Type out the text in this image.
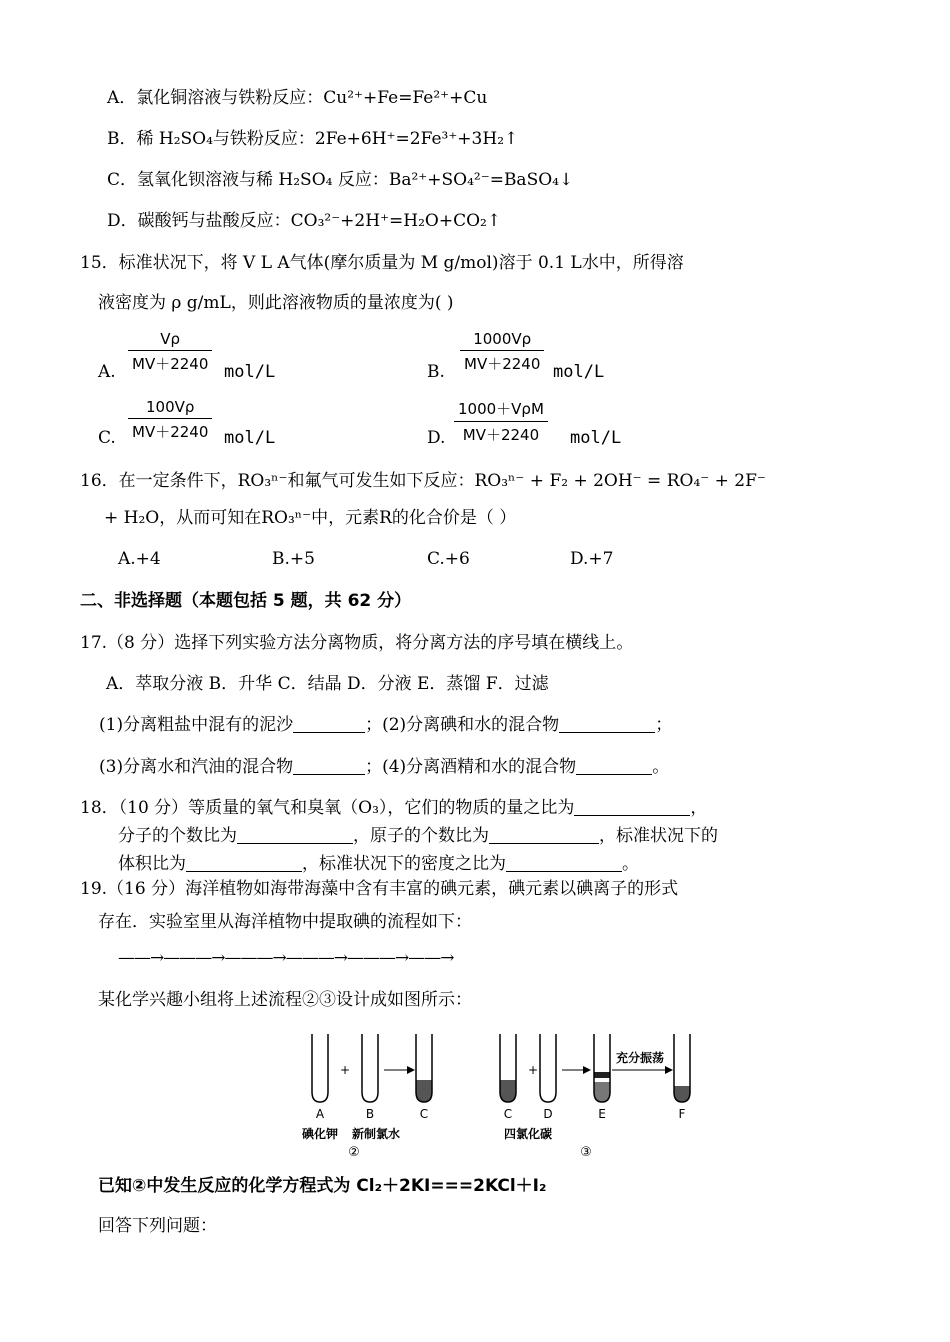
A．氯化铜溶液与铁粉反应：Cu²⁺+Fe=Fe²⁺+Cu
B．稀 H₂SO₄与铁粉反应：2Fe+6H⁺=2Fe³⁺+3H₂↑
C．氢氧化钡溶液与稀 H₂SO₄ 反应：Ba²⁺+SO₄²⁻=BaSO₄↓
D．碳酸钙与盐酸反应：CO₃²⁻+2H⁺=H₂O+CO₂↑
15．标准状况下，将 V L A气体(摩尔质量为 M g/mol)溶于 0.1 L水中，所得溶
液密度为 ρ g/mL，则此溶液物质的量浓度为( )
A.
Vρ
MV＋2240 mol/L	B.
1000Vρ
MV＋2240 mol/L
C.
100Vρ
MV＋2240 mol/L	D.
1000＋VρM
MV＋2240	mol/L
16．在一定条件下，RO₃ⁿ⁻和氟气可发生如下反应：RO₃ⁿ⁻ + F₂ + 2OH⁻ = RO₄⁻ + 2F⁻
+ H₂O，从而可知在RO₃ⁿ⁻中，元素R的化合价是（ ）
A.+4	B.+5	C.+6	D.+7
二、非选择题（本题包括 5 题，共 62 分）
17.（8 分）选择下列实验方法分离物质，将分离方法的序号填在横线上。
A．萃取分液 B．升华 C．结晶 D．分液 E．蒸馏 F．过滤
(1)分离粗盐中混有的泥沙	；(2)分离碘和水的混合物	；
(3)分离水和汽油的混合物	；(4)分离酒精和水的混合物	。
18．（10 分）等质量的氧气和臭氧（O₃），它们的物质的量之比为	，
分子的个数比为	，原子的个数比为	，标准状况下的
体积比为	，标准状况下的密度之比为	。
19.（16 分）海洋植物如海带海藻中含有丰富的碘元素，碘元素以碘离子的形式
存在．实验室里从海洋植物中提取碘的流程如下：
——→———→———→———→———→——→
某化学兴趣小组将上述流程②③设计成如图所示：
+	+
充分振荡
A	B	C	C	D	E	F
碘化钾 新制氯水
②
四氯化碳
③
已知②中发生反应的化学方程式为 Cl₂＋2KI===2KCl＋I₂
回答下列问题：
